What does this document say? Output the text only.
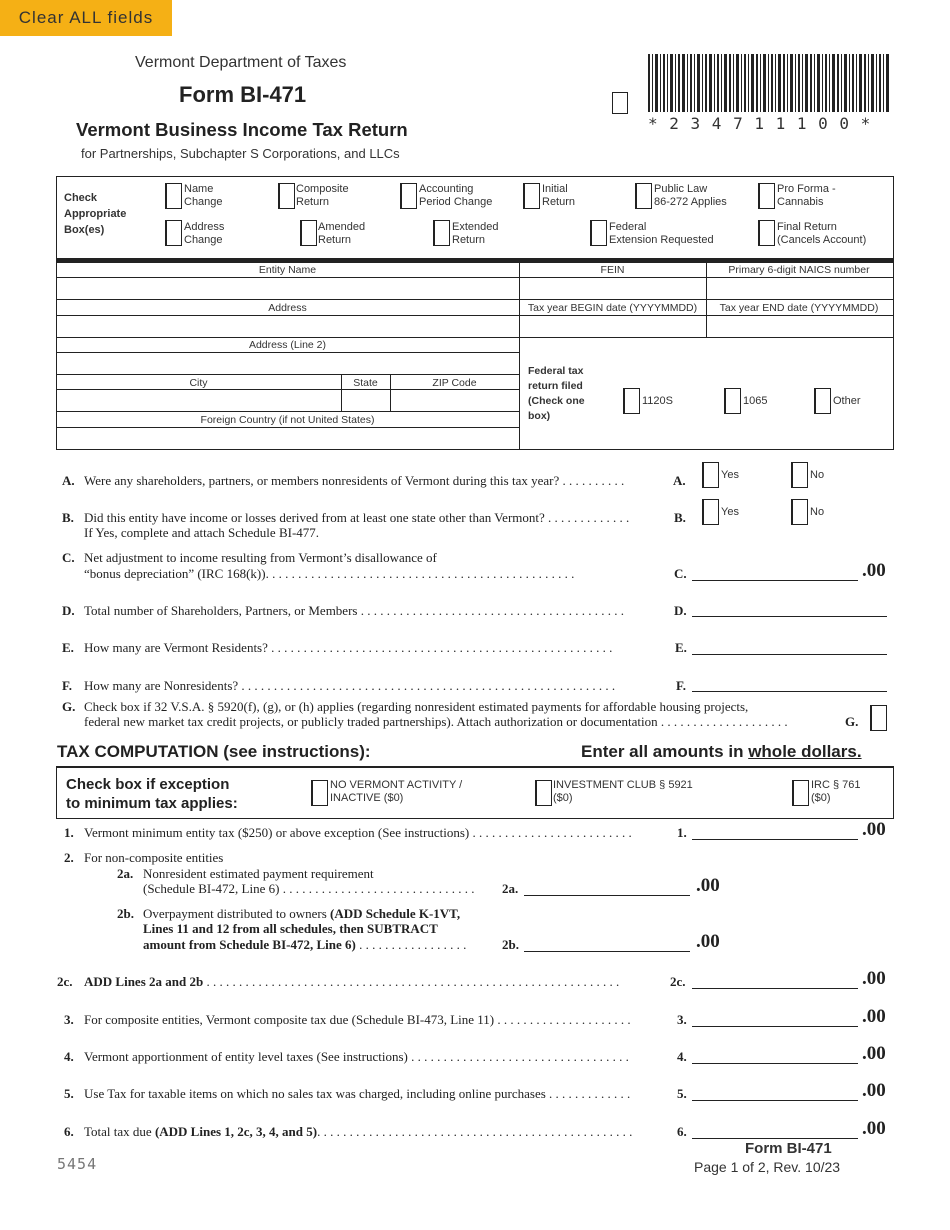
Clear ALL fields
Vermont Department of Taxes
Form BI-471
Vermont Business Income Tax Return
for Partnerships, Subchapter S Corporations, and LLCs
* 2 3 4 7 1 1 1 0 0 *
Check
Appropriate
Box(es)
Name
Change
Composite
Return
Accounting
Period Change
Initial
Return
Public Law
86-272 Applies
Pro Forma -
Cannabis
Address
Change
Amended
Return
Extended
Return
Federal
Extension Requested
Final Return
(Cancels Account)
Entity Name	FEIN	Primary 6-digit NAICS number
Address	Tax year BEGIN date (YYYYMMDD)	Tax year END date (YYYYMMDD)
Address (Line 2)
City	State	ZIP Code
Foreign Country (if not United States)
Federal tax
return filed
(Check one
box)
1120S	1065	Other
A. Were any shareholders, partners, or members nonresidents of Vermont during this tax year? . . . . . . . . . .	A.	Yes	No
B. Did this entity have income or losses derived from at least one state other than Vermont? . . . . . . . . . . . . .	B.
If Yes, complete and attach Schedule BI-477.
Yes	No
C. Net adjustment to income resulting from Vermont’s disallowance of
“bonus depreciation” (IRC 168(k)). . . . . . . . . . . . . . . . . . . . . . . . . . . . . . . . . . . . . . . . . . . . . . . .	C.	.00
D. Total number of Shareholders, Partners, or Members . . . . . . . . . . . . . . . . . . . . . . . . . . . . . . . . . . . . . . . . .	D.
E. How many are Vermont Residents? . . . . . . . . . . . . . . . . . . . . . . . . . . . . . . . . . . . . . . . . . . . . . . . . . . . . .	E.
F. How many are Nonresidents? . . . . . . . . . . . . . . . . . . . . . . . . . . . . . . . . . . . . . . . . . . . . . . . . . . . . . . . . . .	F.
G. Check box if 32 V.S.A. § 5920(f), (g), or (h) applies (regarding nonresident estimated payments for affordable housing projects,
federal new market tax credit projects, or publicly traded partnerships). Attach authorization or documentation . . . . . . . . . . . . . . . . . . . .	G.
TAX COMPUTATION (see instructions):	Enter all amounts in whole dollars.
Check box if exception
to minimum tax applies:
NO VERMONT ACTIVITY /
INACTIVE ($0)
INVESTMENT CLUB § 5921
($0)
IRC § 761
($0)
1. Vermont minimum entity tax ($250) or above exception (See instructions) . . . . . . . . . . . . . . . . . . . . . . . . .	1.	.00
2. For non-composite entities
2a. Nonresident estimated payment requirement
(Schedule BI-472, Line 6) . . . . . . . . . . . . . . . . . . . . . . . . . . . . . . 2a.	.00
2b. Overpayment distributed to owners (ADD Schedule K-1VT,
Lines 11 and 12 from all schedules, then SUBTRACT
amount from Schedule BI-472, Line 6) . . . . . . . . . . . . . . . . .	2b.	.00
2c. ADD Lines 2a and 2b . . . . . . . . . . . . . . . . . . . . . . . . . . . . . . . . . . . . . . . . . . . . . . . . . . . . . . . . . . . . . . . .	2c.	.00
3. For composite entities, Vermont composite tax due (Schedule BI-473, Line 11) . . . . . . . . . . . . . . . . . . . . .	3.	.00
4. Vermont apportionment of entity level taxes (See instructions) . . . . . . . . . . . . . . . . . . . . . . . . . . . . . . . . . .	4.	.00
5. Use Tax for taxable items on which no sales tax was charged, including online purchases . . . . . . . . . . . . .	5.	.00
6. Total tax due (ADD Lines 1, 2c, 3, 4, and 5). . . . . . . . . . . . . . . . . . . . . . . . . . . . . . . . . . . . . . . . . . . . . . . . .	6.	.00
5454
Form BI-471
Page 1 of 2, Rev. 10/23
